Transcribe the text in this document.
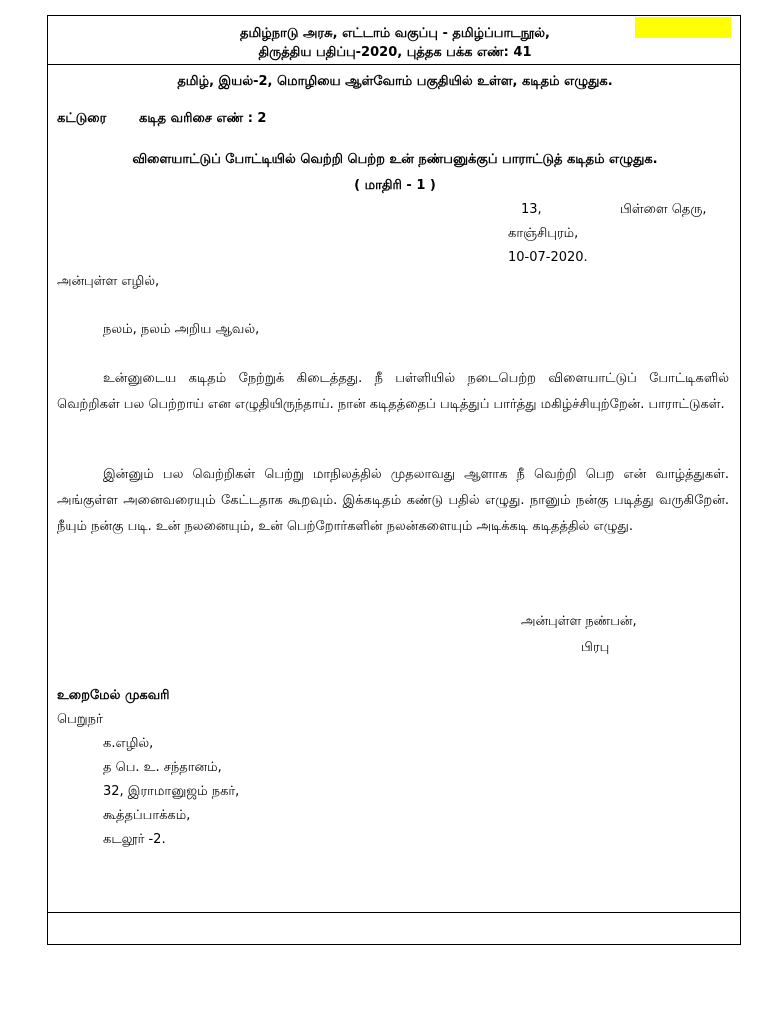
தமிழ்நாடு அரசு, எட்டாம் வகுப்பு - தமிழ்ப்பாடநூல்,
திருத்திய பதிப்பு-2020, புத்தக பக்க எண்: 41
தமிழ், இயல்-2, மொழியை ஆள்வோம் பகுதியில் உள்ள, கடிதம் எழுதுக.
கட்டுரை	கடித வரிசை எண் : 2
விளையாட்டுப் போட்டியில் வெற்றி பெற்ற உன் நண்பனுக்குப் பாராட்டுத் கடிதம் எழுதுக.
( மாதிரி - 1 )
13,	பிள்ளை தெரு,
காஞ்சிபுரம்,
10-07-2020.
அன்புள்ள எழில்,
நலம், நலம் அறிய ஆவல்,

உன்னுடைய கடிதம் நேற்றுக் கிடைத்தது. நீ பள்ளியில் நடைபெற்ற விளையாட்டுப் போட்டிகளில் வெற்றிகள் பல பெற்றாய் என எழுதியிருந்தாய். நான் கடிதத்தைப் படித்துப் பார்த்து மகிழ்ச்சியுற்றேன். பாராட்டுகள்.

இன்னும் பல வெற்றிகள் பெற்று மாநிலத்தில் முதலாவது ஆளாக நீ வெற்றி பெற என் வாழ்த்துகள். அங்குள்ள அனைவரையும் கேட்டதாக கூறவும். இக்கடிதம் கண்டு பதில் எழுது. நானும் நன்கு படித்து வருகிறேன். நீயும் நன்கு படி. உன் நலனையும், உன் பெற்றோர்களின் நலன்களையும் அடிக்கடி கடிதத்தில் எழுது.

அன்புள்ள நண்பன்,
பிரபு
உறைமேல் முகவரி
பெறுநர்
க.எழில்,
த பெ. உ. சந்தானம்,
32, இராமானுஜம் நகர்,
கூத்தப்பாக்கம்,
கடலூர் -2.
